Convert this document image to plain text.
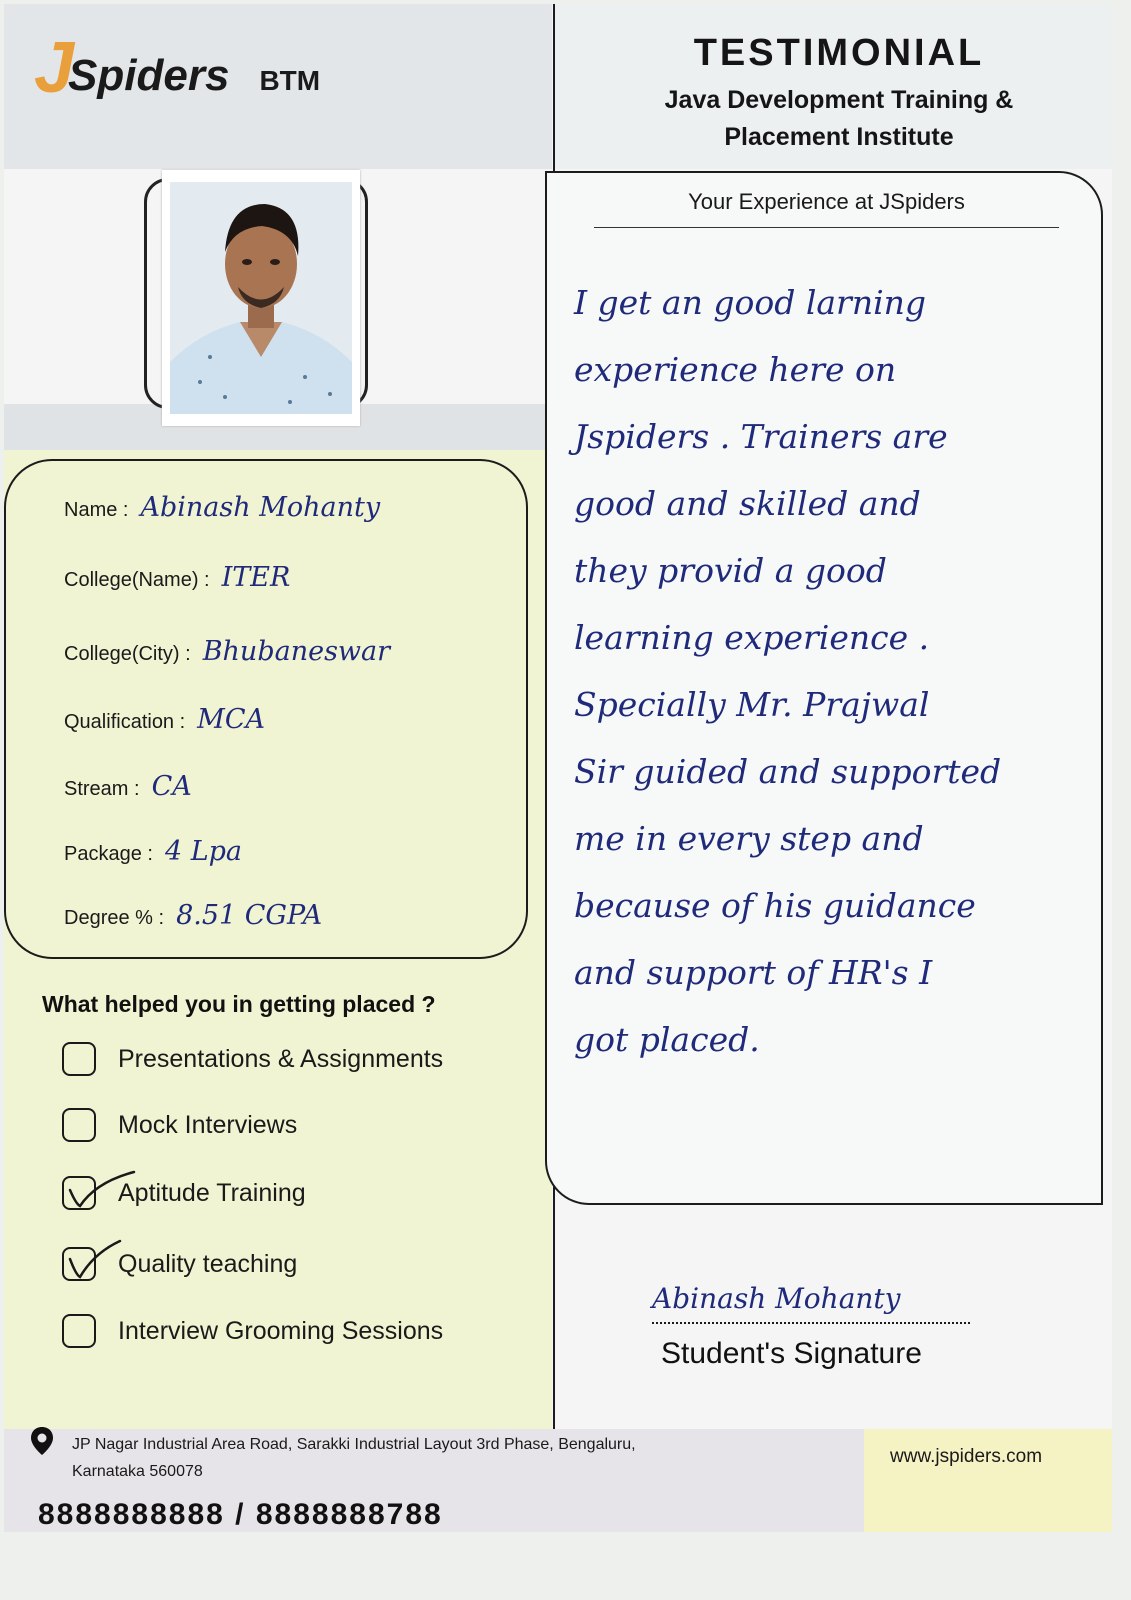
J
Spiders BTM
TESTIMONIAL
Java Development Training &
Placement Institute
Name : Abinash Mohanty
College(Name) : ITER
College(City) : Bhubaneswar
Qualification : MCA
Stream : CA
Package : 4 Lpa
Degree % : 8.51 CGPA
What helped you in getting placed ?
Presentations & Assignments
Mock Interviews
Aptitude Training
Quality teaching
Interview Grooming Sessions
Your Experience at JSpiders
I get an good larning
experience here on
Jspiders . Trainers are
good and skilled and
they provid a good
learning experience .
Specially Mr. Prajwal
Sir guided and supported
me in every step and
because of his guidance
and support of HR's I
got placed.
Abinash Mohanty
Student's Signature
JP Nagar Industrial Area Road, Sarakki Industrial Layout 3rd Phase, Bengaluru,
Karnataka 560078
www.jspiders.com
8888888888 / 8888888788
